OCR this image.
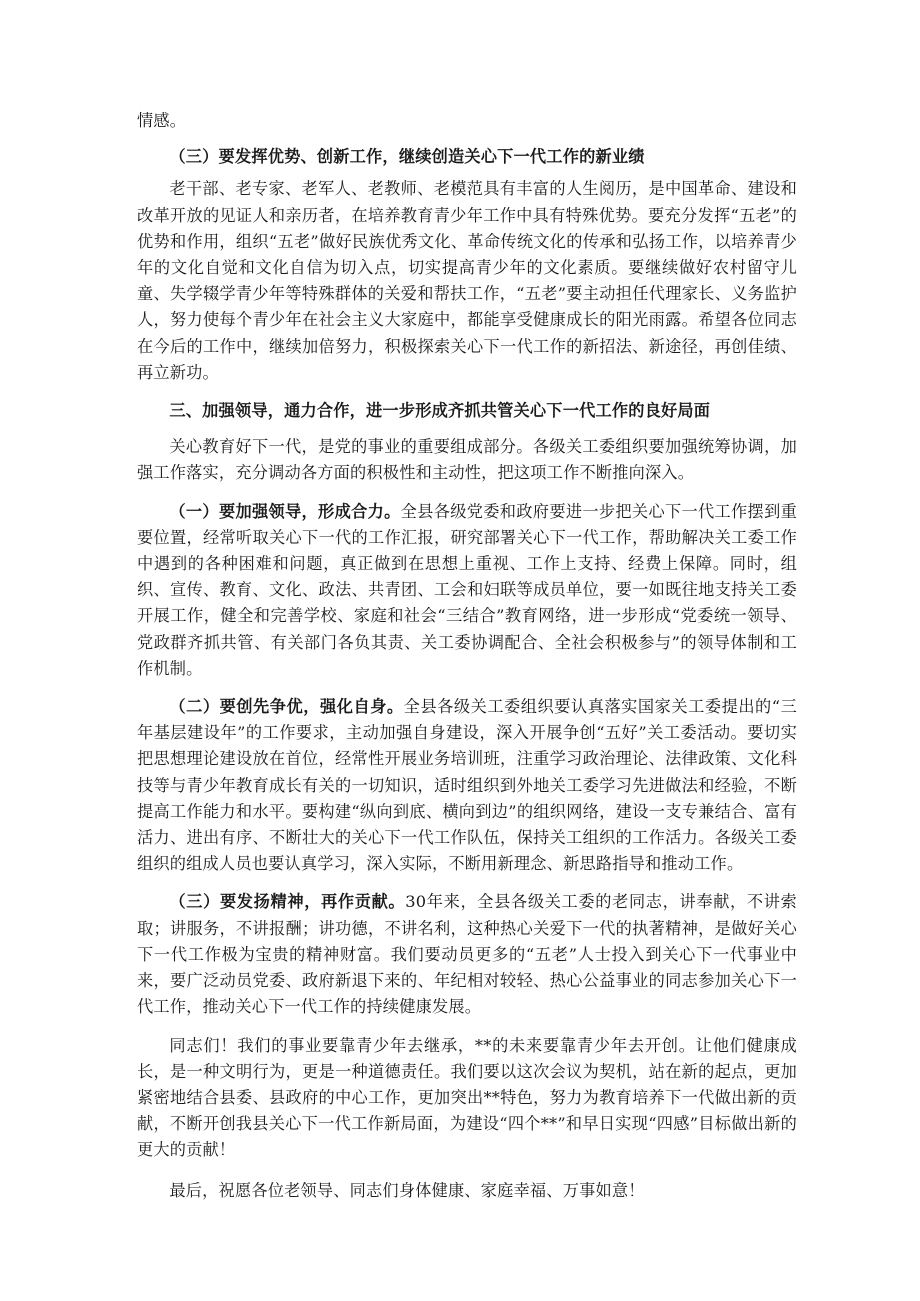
情感。

（三）要发挥优势、创新工作，继续创造关心下一代工作的新业绩

老干部、老专家、老军人、老教师、老模范具有丰富的人生阅历，是中国革命、建设和改革开放的见证人和亲历者，在培养教育青少年工作中具有特殊优势。要充分发挥“五老”的优势和作用，组织“五老”做好民族优秀文化、革命传统文化的传承和弘扬工作，以培养青少年的文化自觉和文化自信为切入点，切实提高青少年的文化素质。要继续做好农村留守儿童、失学辍学青少年等特殊群体的关爱和帮扶工作，“五老”要主动担任代理家长、义务监护人，努力使每个青少年在社会主义大家庭中，都能享受健康成长的阳光雨露。希望各位同志在今后的工作中，继续加倍努力，积极探索关心下一代工作的新招法、新途径，再创佳绩、再立新功。

三、加强领导，通力合作，进一步形成齐抓共管关心下一代工作的良好局面

关心教育好下一代，是党的事业的重要组成部分。各级关工委组织要加强统筹协调，加强工作落实，充分调动各方面的积极性和主动性，把这项工作不断推向深入。

（一）要加强领导，形成合力。全县各级党委和政府要进一步把关心下一代工作摆到重要位置，经常听取关心下一代的工作汇报，研究部署关心下一代工作，帮助解决关工委工作中遇到的各种困难和问题，真正做到在思想上重视、工作上支持、经费上保障。同时，组织、宣传、教育、文化、政法、共青团、工会和妇联等成员单位，要一如既往地支持关工委开展工作，健全和完善学校、家庭和社会“三结合”教育网络，进一步形成“党委统一领导、党政群齐抓共管、有关部门各负其责、关工委协调配合、全社会积极参与”的领导体制和工作机制。

（二）要创先争优，强化自身。全县各级关工委组织要认真落实国家关工委提出的“三年基层建设年”的工作要求，主动加强自身建设，深入开展争创“五好”关工委活动。要切实把思想理论建设放在首位，经常性开展业务培训班，注重学习政治理论、法律政策、文化科技等与青少年教育成长有关的一切知识，适时组织到外地关工委学习先进做法和经验，不断提高工作能力和水平。要构建“纵向到底、横向到边”的组织网络，建设一支专兼结合、富有活力、进出有序、不断壮大的关心下一代工作队伍，保持关工组织的工作活力。各级关工委组织的组成人员也要认真学习，深入实际，不断用新理念、新思路指导和推动工作。

（三）要发扬精神，再作贡献。30年来，全县各级关工委的老同志，讲奉献，不讲索取；讲服务，不讲报酬；讲功德，不讲名利，这种热心关爱下一代的执著精神，是做好关心下一代工作极为宝贵的精神财富。我们要动员更多的“五老”人士投入到关心下一代事业中来，要广泛动员党委、政府新退下来的、年纪相对较轻、热心公益事业的同志参加关心下一代工作，推动关心下一代工作的持续健康发展。

同志们！我们的事业要靠青少年去继承，**的未来要靠青少年去开创。让他们健康成长，是一种文明行为，更是一种道德责任。我们要以这次会议为契机，站在新的起点，更加紧密地结合县委、县政府的中心工作，更加突出**特色，努力为教育培养下一代做出新的贡献，不断开创我县关心下一代工作新局面，为建设“四个**”和早日实现“四感”目标做出新的更大的贡献！

最后，祝愿各位老领导、同志们身体健康、家庭幸福、万事如意！
